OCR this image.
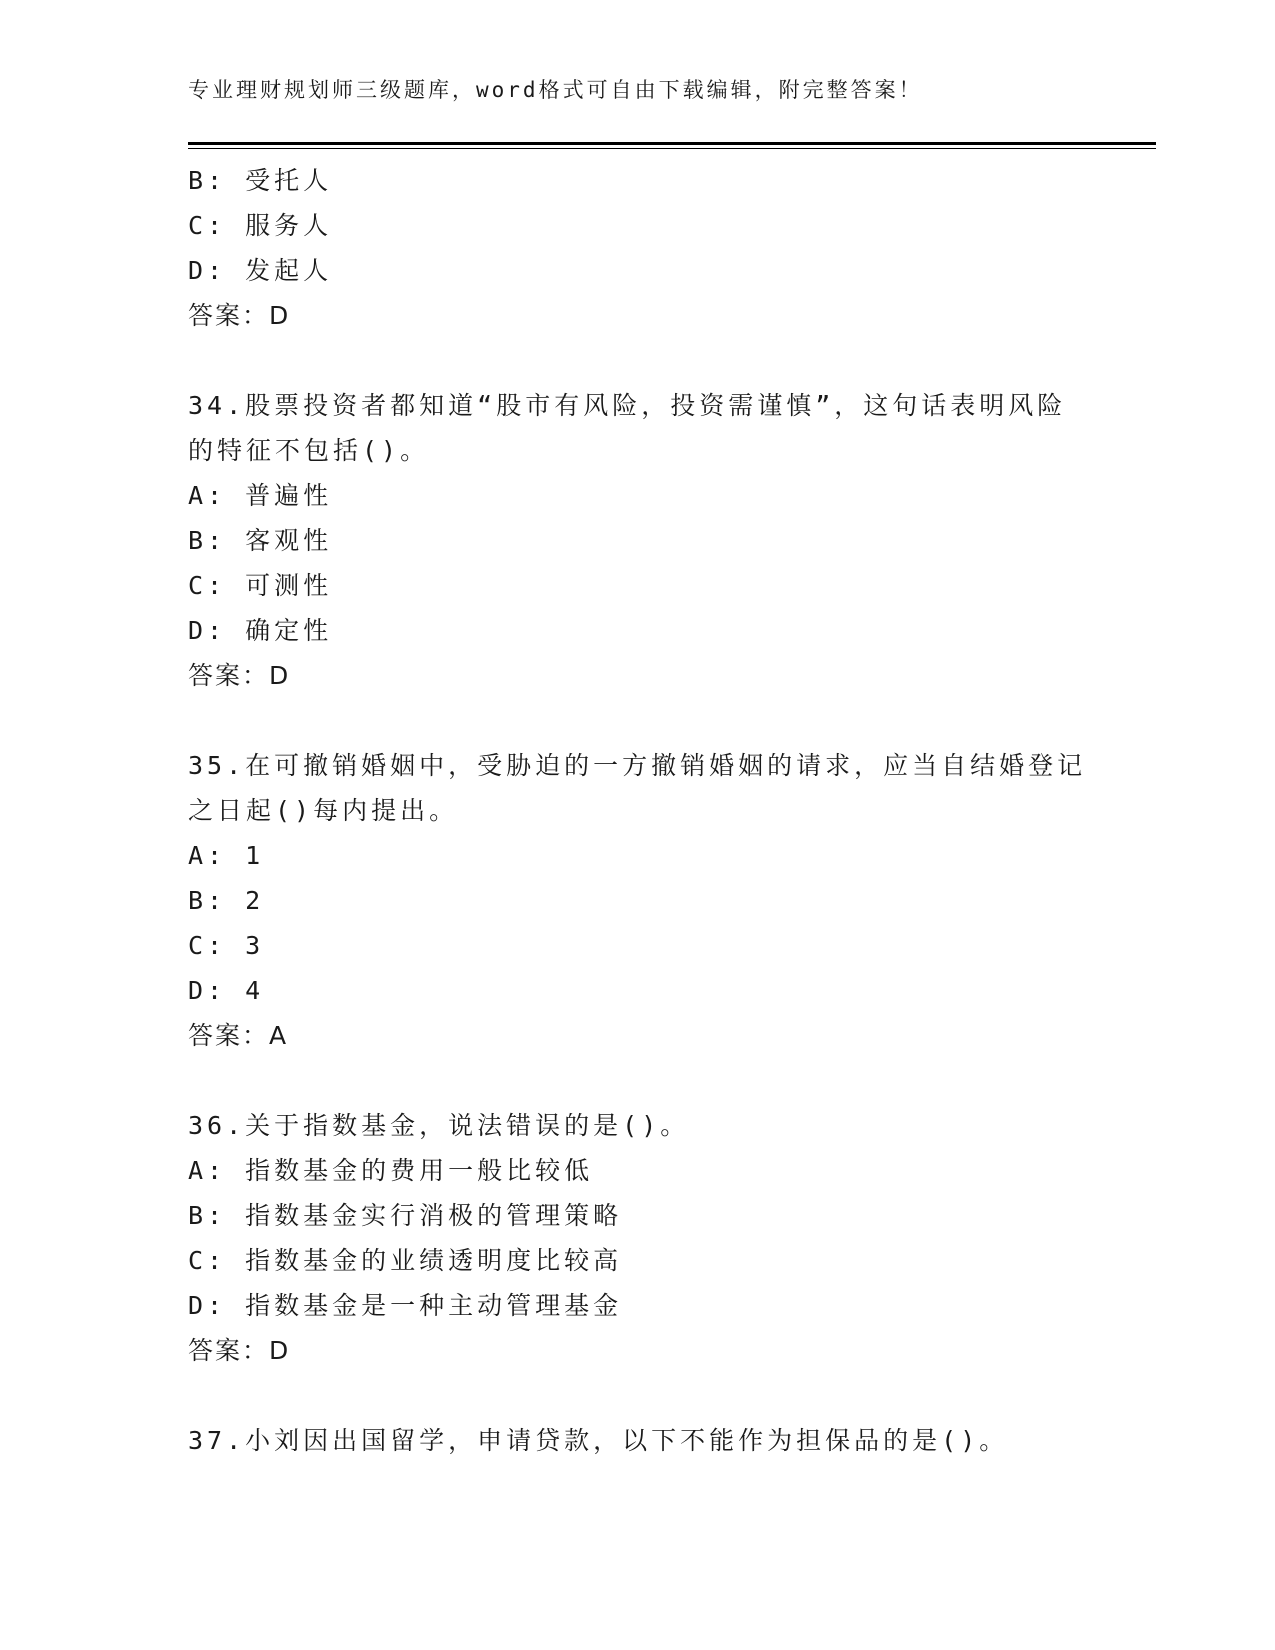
专业理财规划师三级题库，word格式可自由下载编辑，附完整答案！
B: 受托人
C: 服务人
D: 发起人
答案：D
34.股票投资者都知道“股市有风险，投资需谨慎”，这句话表明风险
的特征不包括()。
A: 普遍性
B: 客观性
C: 可测性
D: 确定性
答案：D
35.在可撤销婚姻中，受胁迫的一方撤销婚姻的请求，应当自结婚登记
之日起()每内提出。
A: 1
B: 2
C: 3
D: 4
答案：A
36.关于指数基金，说法错误的是()。
A: 指数基金的费用一般比较低
B: 指数基金实行消极的管理策略
C: 指数基金的业绩透明度比较高
D: 指数基金是一种主动管理基金
答案：D
37.小刘因出国留学，申请贷款，以下不能作为担保品的是()。
